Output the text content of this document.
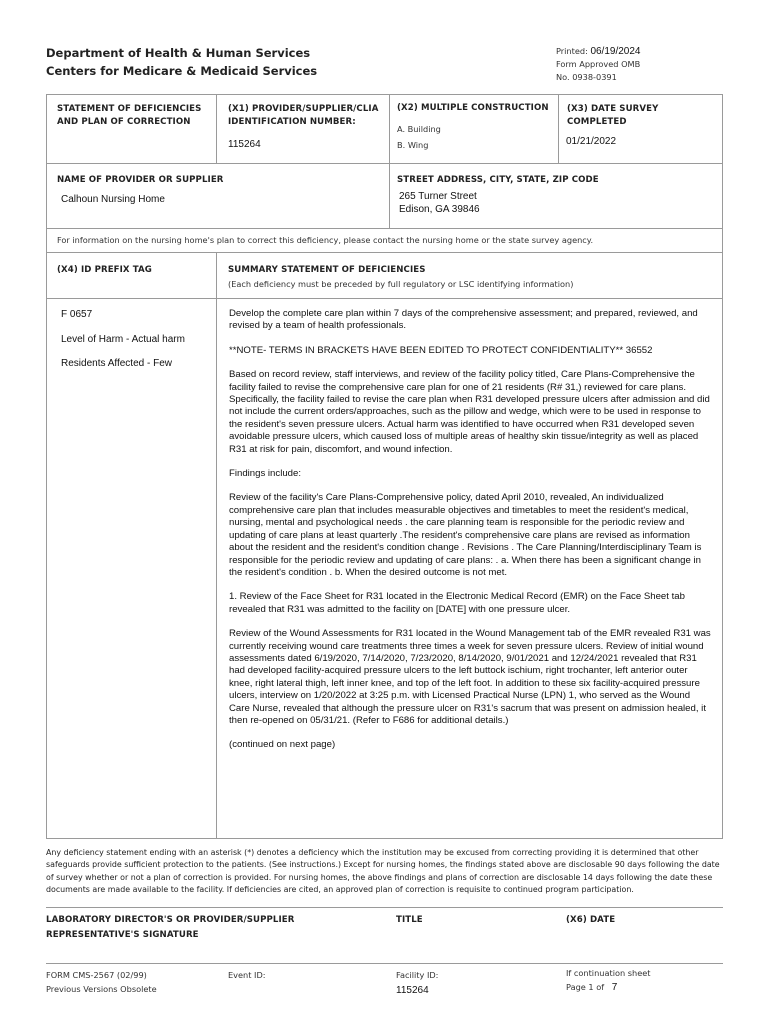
Department of Health & Human Services
Centers for Medicare & Medicaid Services
Printed: 06/19/2024
Form Approved OMB
No. 0938-0391
STATEMENT OF DEFICIENCIES AND PLAN OF CORRECTION
(X1) PROVIDER/SUPPLIER/CLIA IDENTIFICATION NUMBER:
115264
(X2) MULTIPLE CONSTRUCTION
A. Building
B. Wing
(X3) DATE SURVEY COMPLETED
01/21/2022
NAME OF PROVIDER OR SUPPLIER
Calhoun Nursing Home
STREET ADDRESS, CITY, STATE, ZIP CODE
265 Turner Street
Edison, GA 39846
For information on the nursing home's plan to correct this deficiency, please contact the nursing home or the state survey agency.
(X4) ID PREFIX TAG	SUMMARY STATEMENT OF DEFICIENCIES
(Each deficiency must be preceded by full regulatory or LSC identifying information)
F 0657
Level of Harm - Actual harm
Residents Affected - Few

Develop the complete care plan within 7 days of the comprehensive assessment; and prepared, reviewed, and revised by a team of health professionals.

**NOTE- TERMS IN BRACKETS HAVE BEEN EDITED TO PROTECT CONFIDENTIALITY** 36552

Based on record review, staff interviews, and review of the facility policy titled, Care Plans-Comprehensive the facility failed to revise the comprehensive care plan for one of 21 residents (R# 31,) reviewed for care plans. Specifically, the facility failed to revise the care plan when R31 developed pressure ulcers after admission and did not include the current orders/approaches, such as the pillow and wedge, which were to be used in response to the resident's seven pressure ulcers. Actual harm was identified to have occurred when R31 developed seven avoidable pressure ulcers, which caused loss of multiple areas of healthy skin tissue/integrity as well as placed R31 at risk for pain, discomfort, and wound infection.

Findings include:

Review of the facility's Care Plans-Comprehensive policy, dated April 2010, revealed, An individualized comprehensive care plan that includes measurable objectives and timetables to meet the resident's medical, nursing, mental and psychological needs . the care planning team is responsible for the periodic review and updating of care plans at least quarterly .The resident's comprehensive care plans are revised as information about the resident and the resident's condition change . Revisions . The Care Planning/Interdisciplinary Team is responsible for the periodic review and updating of care plans: . a. When there has been a significant change in the resident's condition . b. When the desired outcome is not met.

1. Review of the Face Sheet for R31 located in the Electronic Medical Record (EMR) on the Face Sheet tab revealed that R31 was admitted to the facility on [DATE] with one pressure ulcer.

Review of the Wound Assessments for R31 located in the Wound Management tab of the EMR revealed R31 was currently receiving wound care treatments three times a week for seven pressure ulcers. Review of initial wound assessments dated 6/19/2020, 7/14/2020, 7/23/2020, 8/14/2020, 9/01/2021 and 12/24/2021 revealed that R31 had developed facility-acquired pressure ulcers to the left buttock ischium, right trochanter, left anterior outer knee, right lateral thigh, left inner knee, and top of the left foot. In addition to these six facility-acquired pressure ulcers, interview on 1/20/2022 at 3:25 p.m. with Licensed Practical Nurse (LPN) 1, who served as the Wound Care Nurse, revealed that although the pressure ulcer on R31's sacrum that was present on admission healed, it then re-opened on 05/31/21. (Refer to F686 for additional details.)

(continued on next page)

Any deficiency statement ending with an asterisk (*) denotes a deficiency which the institution may be excused from correcting providing it is determined that other safeguards provide sufficient protection to the patients. (See instructions.) Except for nursing homes, the findings stated above are disclosable 90 days following the date of survey whether or not a plan of correction is provided. For nursing homes, the above findings and plans of correction are disclosable 14 days following the date these documents are made available to the facility. If deficiencies are cited, an approved plan of correction is requisite to continued program participation.
LABORATORY DIRECTOR'S OR PROVIDER/SUPPLIER
REPRESENTATIVE'S SIGNATURE
TITLE	(X6) DATE
FORM CMS-2567 (02/99)
Previous Versions Obsolete
Event ID:	Facility ID:
115264
If continuation sheet
Page 1 of 7
